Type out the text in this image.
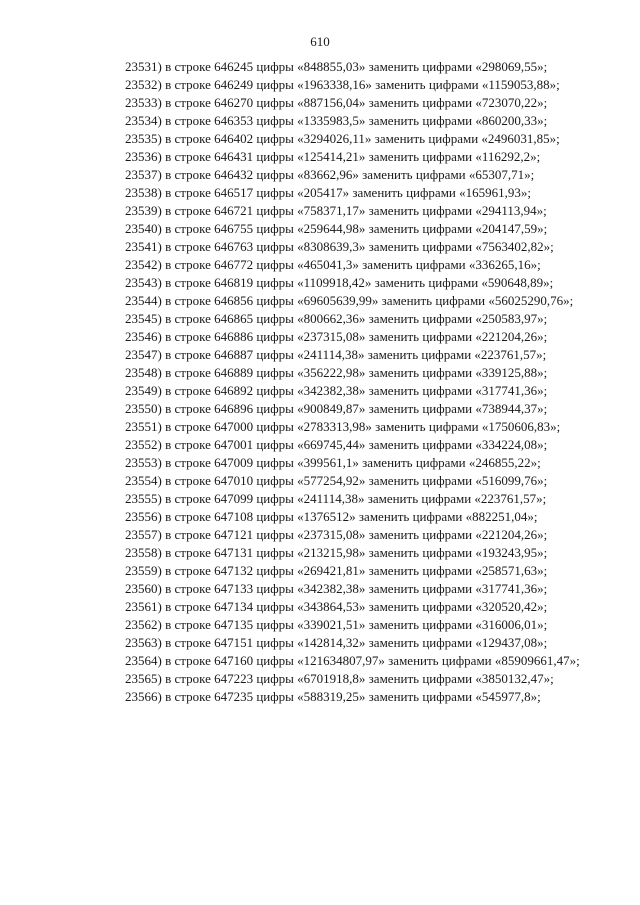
610

23531) в строке 646245 цифры «848855,03» заменить цифрами «298069,55»;

23532) в строке 646249 цифры «1963338,16» заменить цифрами «1159053,88»;

23533) в строке 646270 цифры «887156,04» заменить цифрами «723070,22»;

23534) в строке 646353 цифры «1335983,5» заменить цифрами «860200,33»;

23535) в строке 646402 цифры «3294026,11» заменить цифрами «2496031,85»;

23536) в строке 646431 цифры «125414,21» заменить цифрами «116292,2»;

23537) в строке 646432 цифры «83662,96» заменить цифрами «65307,71»;

23538) в строке 646517 цифры «205417» заменить цифрами «165961,93»;

23539) в строке 646721 цифры «758371,17» заменить цифрами «294113,94»;

23540) в строке 646755 цифры «259644,98» заменить цифрами «204147,59»;

23541) в строке 646763 цифры «8308639,3» заменить цифрами «7563402,82»;

23542) в строке 646772 цифры «465041,3» заменить цифрами «336265,16»;

23543) в строке 646819 цифры «1109918,42» заменить цифрами «590648,89»;

23544) в строке 646856 цифры «69605639,99» заменить цифрами «56025290,76»;

23545) в строке 646865 цифры «800662,36» заменить цифрами «250583,97»;

23546) в строке 646886 цифры «237315,08» заменить цифрами «221204,26»;

23547) в строке 646887 цифры «241114,38» заменить цифрами «223761,57»;

23548) в строке 646889 цифры «356222,98» заменить цифрами «339125,88»;

23549) в строке 646892 цифры «342382,38» заменить цифрами «317741,36»;

23550) в строке 646896 цифры «900849,87» заменить цифрами «738944,37»;

23551) в строке 647000 цифры «2783313,98» заменить цифрами «1750606,83»;

23552) в строке 647001 цифры «669745,44» заменить цифрами «334224,08»;

23553) в строке 647009 цифры «399561,1» заменить цифрами «246855,22»;

23554) в строке 647010 цифры «577254,92» заменить цифрами «516099,76»;

23555) в строке 647099 цифры «241114,38» заменить цифрами «223761,57»;

23556) в строке 647108 цифры «1376512» заменить цифрами «882251,04»;

23557) в строке 647121 цифры «237315,08» заменить цифрами «221204,26»;

23558) в строке 647131 цифры «213215,98» заменить цифрами «193243,95»;

23559) в строке 647132 цифры «269421,81» заменить цифрами «258571,63»;

23560) в строке 647133 цифры «342382,38» заменить цифрами «317741,36»;

23561) в строке 647134 цифры «343864,53» заменить цифрами «320520,42»;

23562) в строке 647135 цифры «339021,51» заменить цифрами «316006,01»;

23563) в строке 647151 цифры «142814,32» заменить цифрами «129437,08»;

23564) в строке 647160 цифры «121634807,97» заменить цифрами «85909661,47»;

23565) в строке 647223 цифры «6701918,8» заменить цифрами «3850132,47»;

23566) в строке 647235 цифры «588319,25» заменить цифрами «545977,8»;
